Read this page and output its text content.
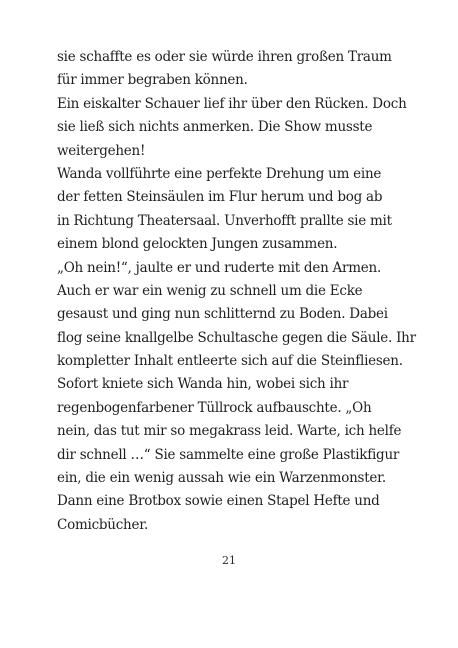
sie schaffte es oder sie würde ihren großen Traum
für immer begraben können.
Ein eiskalter Schauer lief ihr über den Rücken. Doch
sie ließ sich nichts anmerken. Die Show musste
weitergehen!
Wanda vollführte eine perfekte Drehung um eine
der fetten Steinsäulen im Flur herum und bog ab
in Richtung Theatersaal. Unverhofft prallte sie mit
einem blond gelockten Jungen zusammen.
„Oh nein!“, jaulte er und ruderte mit den Armen.
Auch er war ein wenig zu schnell um die Ecke
gesaust und ging nun schlitternd zu Boden. Dabei
flog seine knallgelbe Schultasche gegen die Säule. Ihr
kompletter Inhalt entleerte sich auf die Steinfliesen.
Sofort kniete sich Wanda hin, wobei sich ihr
regenbogenfarbener Tüllrock aufbauschte. „Oh
nein, das tut mir so megakrass leid. Warte, ich helfe
dir schnell …“ Sie sammelte eine große Plastikfigur
ein, die ein wenig aussah wie ein Warzenmonster.
Dann eine Brotbox sowie einen Stapel Hefte und
Comicbücher.
21
